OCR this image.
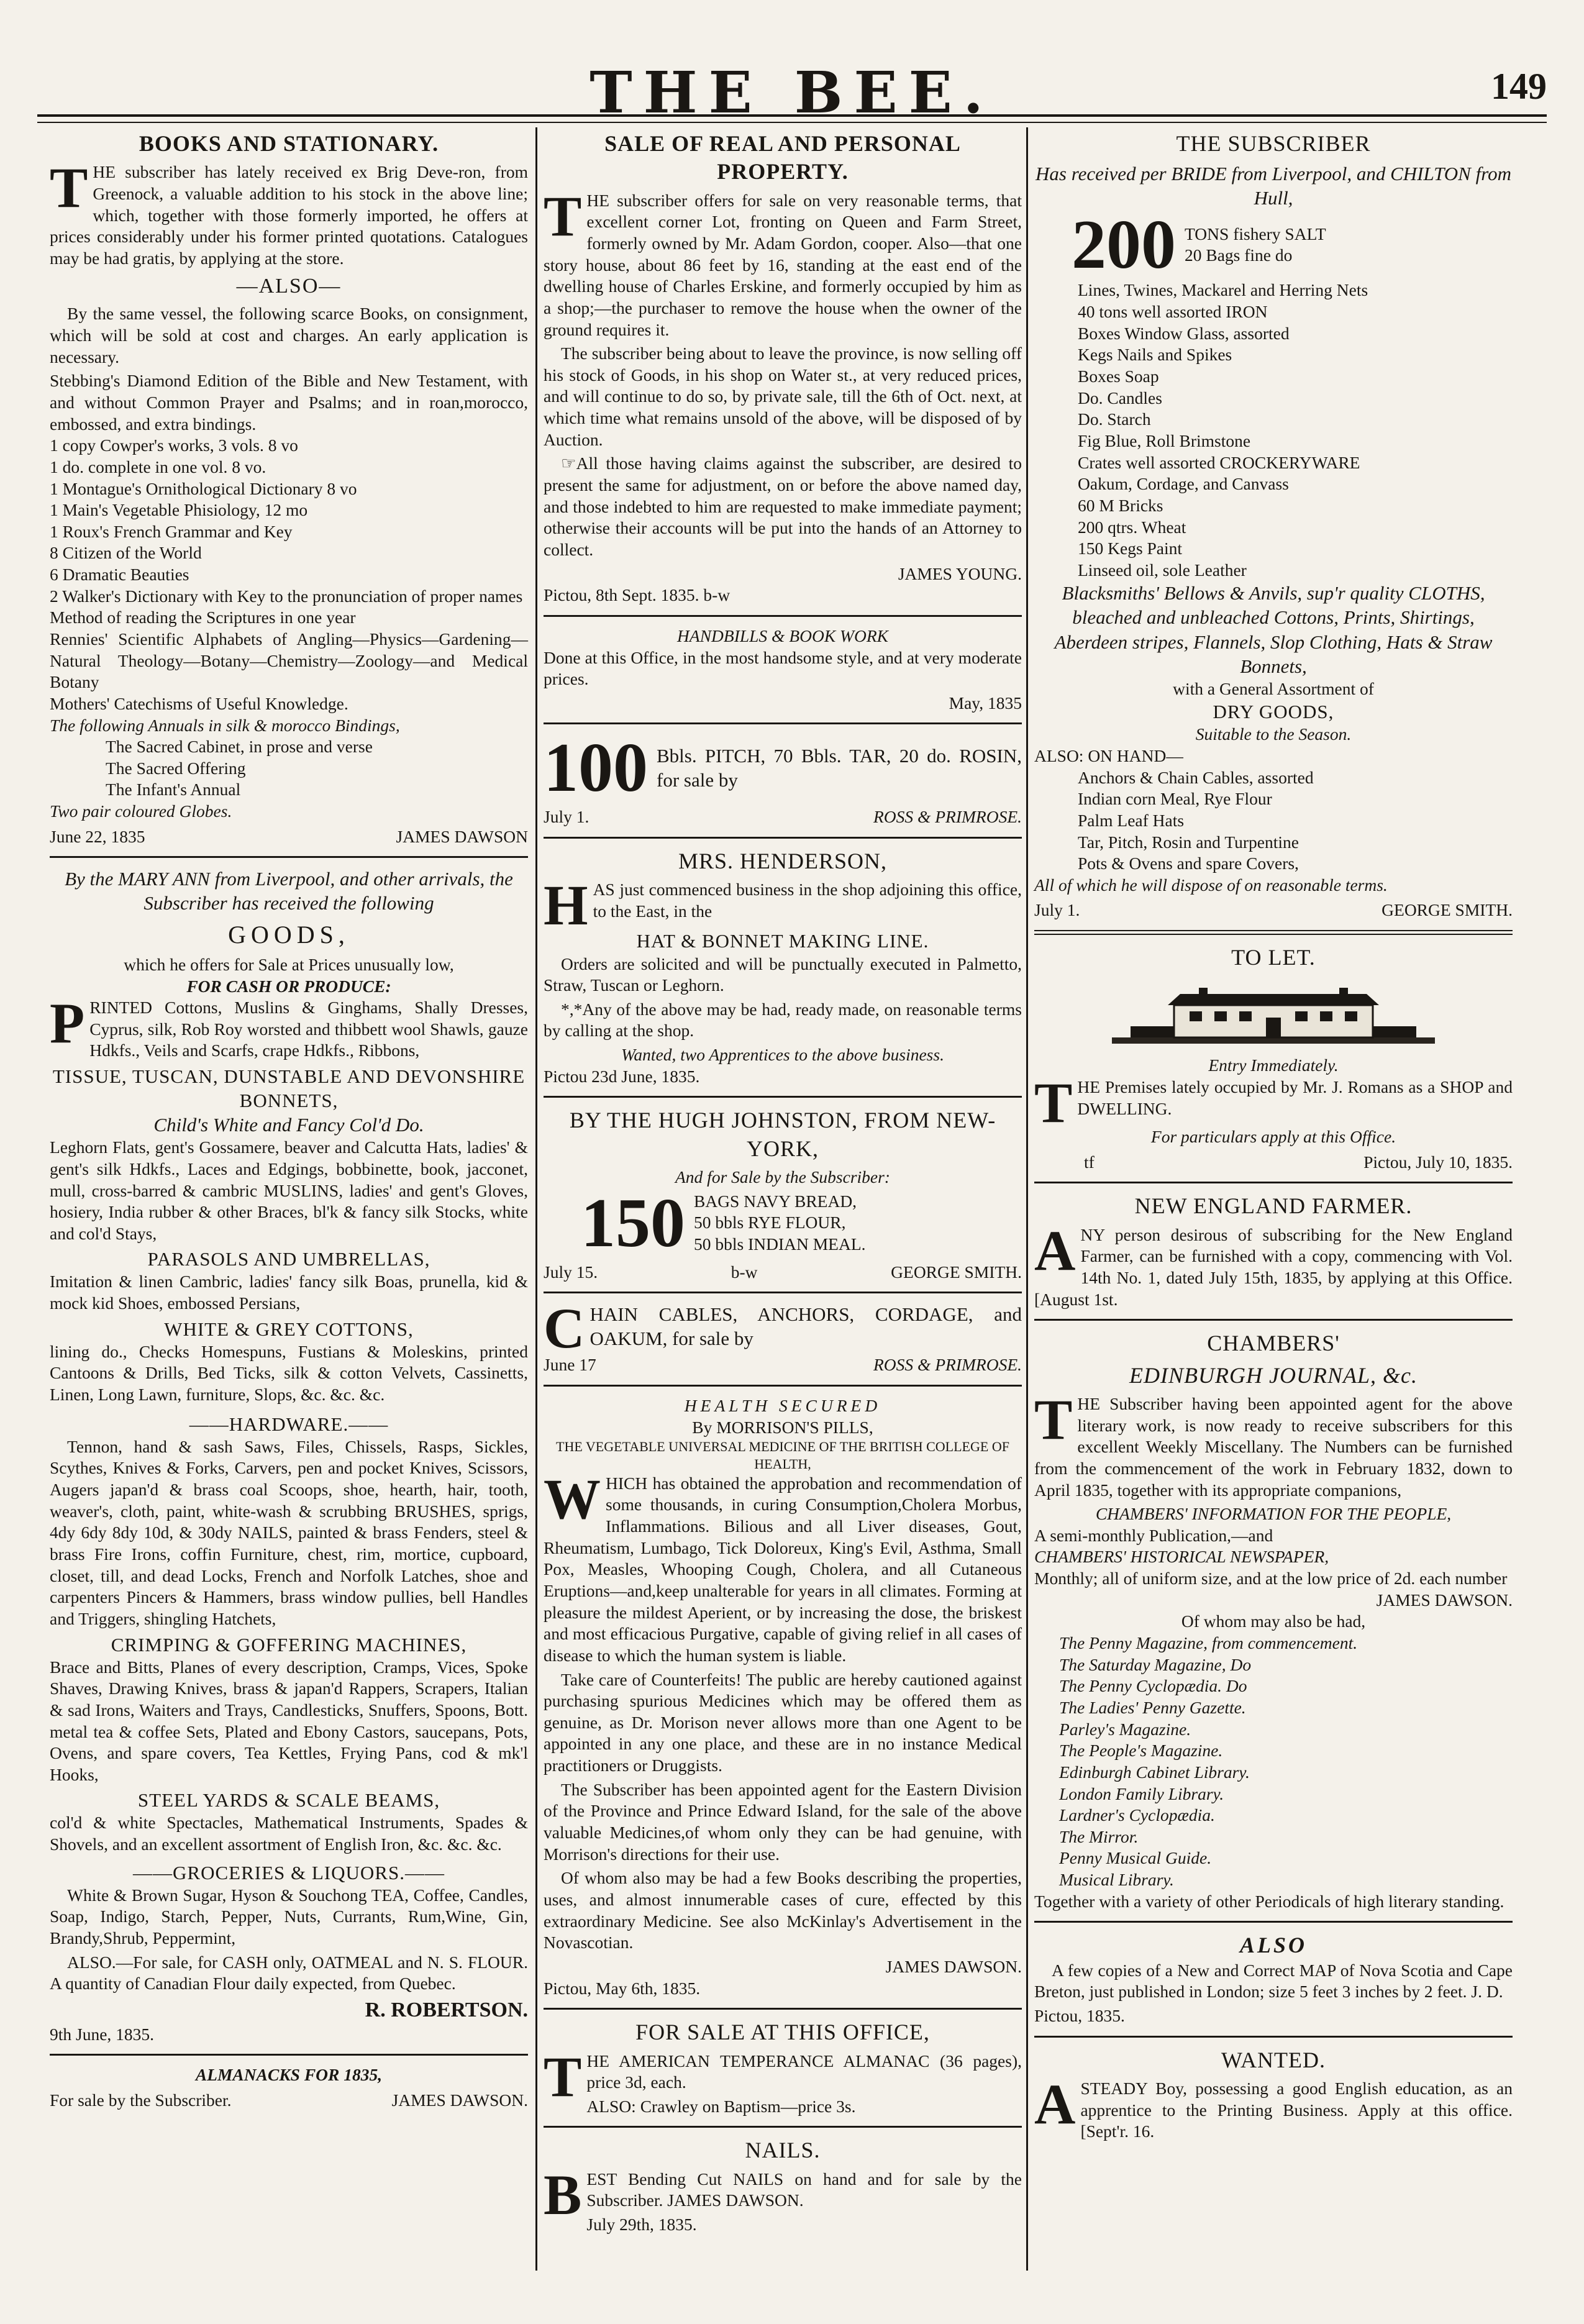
THE BEE.	149
BOOKS AND STATIONARY.
THE subscriber has lately received ex Brig Deve-ron, from Greenock, a valuable addition to his stock in the above line; which, together with those formerly imported, he offers at prices considerably under his former printed quotations. Catalogues may be had gratis, by applying at the store.
—ALSO—
By the same vessel, the following scarce Books, on consignment, which will be sold at cost and charges. An early application is necessary.
Stebbing's Diamond Edition of the Bible and New Testament, with and without Common Prayer and Psalms; and in roan,morocco, embossed, and extra bindings.
1 copy Cowper's works, 3 vols. 8 vo
1 do. complete in one vol. 8 vo.
1 Montague's Ornithological Dictionary 8 vo
1 Main's Vegetable Phisiology, 12 mo
1 Roux's French Grammar and Key
8 Citizen of the World
6 Dramatic Beauties
2 Walker's Dictionary with Key to the pronunciation of proper names
Method of reading the Scriptures in one year
Rennies' Scientific Alphabets of Angling—Physics—Gardening—Natural Theology—Botany—Chemistry—Zoology—and Medical Botany
Mothers' Catechisms of Useful Knowledge.
The following Annuals in silk & morocco Bindings,
The Sacred Cabinet, in prose and verse
The Sacred Offering
The Infant's Annual
Two pair coloured Globes.
June 22, 1835	JAMES DAWSON
By the MARY ANN from Liverpool, and other arrivals, the Subscriber has received the following
GOODS,
which he offers for Sale at Prices unusually low,
FOR CASH OR PRODUCE:
PRINTED Cottons, Muslins & Ginghams, Shally Dresses, Cyprus, silk, Rob Roy worsted and thibbett wool Shawls, gauze Hdkfs., Veils and Scarfs, crape Hdkfs., Ribbons,
TISSUE, TUSCAN, DUNSTABLE AND DEVONSHIRE BONNETS,
Child's White and Fancy Col'd Do.
Leghorn Flats, gent's Gossamere, beaver and Calcutta Hats, ladies' & gent's silk Hdkfs., Laces and Edgings, bobbinette, book, jacconet, mull, cross-barred & cambric MUSLINS, ladies' and gent's Gloves, hosiery, India rubber & other Braces, bl'k & fancy silk Stocks, white and col'd Stays,
PARASOLS AND UMBRELLAS,
Imitation & linen Cambric, ladies' fancy silk Boas, prunella, kid & mock kid Shoes, embossed Persians,
WHITE & GREY COTTONS,
lining do., Checks Homespuns, Fustians & Moleskins, printed Cantoons & Drills, Bed Ticks, silk & cotton Velvets, Cassinetts, Linen, Long Lawn, furniture, Slops, &c. &c. &c.
——HARDWARE.——
Tennon, hand & sash Saws, Files, Chissels, Rasps, Sickles, Scythes, Knives & Forks, Carvers, pen and pocket Knives, Scissors, Augers japan'd & brass coal Scoops, shoe, hearth, hair, tooth, weaver's, cloth, paint, white-wash & scrubbing BRUSHES, sprigs, 4dy 6dy 8dy 10d, & 30dy NAILS, painted & brass Fenders, steel & brass Fire Irons, coffin Furniture, chest, rim, mortice, cupboard, closet, till, and dead Locks, French and Norfolk Latches, shoe and carpenters Pincers & Hammers, brass window pullies, bell Handles and Triggers, shingling Hatchets,
CRIMPING & GOFFERING MACHINES,
Brace and Bitts, Planes of every description, Cramps, Vices, Spoke Shaves, Drawing Knives, brass & japan'd Rappers, Scrapers, Italian & sad Irons, Waiters and Trays, Candlesticks, Snuffers, Spoons, Bott. metal tea & coffee Sets, Plated and Ebony Castors, saucepans, Pots, Ovens, and spare covers, Tea Kettles, Frying Pans, cod & mk'l Hooks,
STEEL YARDS & SCALE BEAMS,
col'd & white Spectacles, Mathematical Instruments, Spades & Shovels, and an excellent assortment of English Iron, &c. &c. &c.
——GROCERIES & LIQUORS.——
White & Brown Sugar, Hyson & Souchong TEA, Coffee, Candles, Soap, Indigo, Starch, Pepper, Nuts, Currants, Rum,Wine, Gin, Brandy,Shrub, Peppermint,
ALSO.—For sale, for CASH only, OATMEAL and N. S. FLOUR. A quantity of Canadian Flour daily expected, from Quebec.
R. ROBERTSON.
9th June, 1835.
ALMANACKS FOR 1835,
For sale by the Subscriber.	JAMES DAWSON.
SALE OF REAL AND PERSONAL PROPERTY.
THE subscriber offers for sale on very reasonable terms, that excellent corner Lot, fronting on Queen and Farm Street, formerly owned by Mr. Adam Gordon, cooper. Also—that one story house, about 86 feet by 16, standing at the east end of the dwelling house of Charles Erskine, and formerly occupied by him as a shop;—the purchaser to remove the house when the owner of the ground requires it.
The subscriber being about to leave the province, is now selling off his stock of Goods, in his shop on Water st., at very reduced prices, and will continue to do so, by private sale, till the 6th of Oct. next, at which time what remains unsold of the above, will be disposed of by Auction.
☞All those having claims against the subscriber, are desired to present the same for adjustment, on or before the above named day, and those indebted to him are requested to make immediate payment; otherwise their accounts will be put into the hands of an Attorney to collect.
JAMES YOUNG.
Pictou, 8th Sept. 1835. b-w
HANDBILLS & BOOK WORK
Done at this Office, in the most handsome style, and at very moderate prices.
May, 1835
100 Bbls. PITCH, 70 Bbls. TAR, 20 do. ROSIN, for sale by
July 1.	ROSS & PRIMROSE.
MRS. HENDERSON,
HAS just commenced business in the shop adjoining this office, to the East, in the
HAT & BONNET MAKING LINE.
Orders are solicited and will be punctually executed in Palmetto, Straw, Tuscan or Leghorn.
*,*Any of the above may be had, ready made, on reasonable terms by calling at the shop.
Wanted, two Apprentices to the above business.
Pictou 23d June, 1835.
BY THE HUGH JOHNSTON, FROM NEW-YORK,
And for Sale by the Subscriber:
150 BAGS NAVY BREAD,
50 bbls RYE FLOUR,
50 bbls INDIAN MEAL.
July 15.	b-w	GEORGE SMITH.
CHAIN CABLES, ANCHORS, CORDAGE, and OAKUM, for sale by
June 17	ROSS & PRIMROSE.
HEALTH SECURED
By MORRISON'S PILLS,
THE VEGETABLE UNIVERSAL MEDICINE OF THE BRITISH COLLEGE OF HEALTH,
WHICH has obtained the approbation and recommendation of some thousands, in curing Consumption,Cholera Morbus, Inflammations. Bilious and all Liver diseases, Gout, Rheumatism, Lumbago, Tick Doloreux, King's Evil, Asthma, Small Pox, Measles, Whooping Cough, Cholera, and all Cutaneous Eruptions—and,keep unalterable for years in all climates. Forming at pleasure the mildest Aperient, or by increasing the dose, the briskest and most efficacious Purgative, capable of giving relief in all cases of disease to which the human system is liable.
Take care of Counterfeits! The public are hereby cautioned against purchasing spurious Medicines which may be offered them as genuine, as Dr. Morison never allows more than one Agent to be appointed in any one place, and these are in no instance Medical practitioners or Druggists.
The Subscriber has been appointed agent for the Eastern Division of the Province and Prince Edward Island, for the sale of the above valuable Medicines,of whom only they can be had genuine, with Morrison's directions for their use.
Of whom also may be had a few Books describing the properties, uses, and almost innumerable cases of cure, effected by this extraordinary Medicine. See also McKinlay's Advertisement in the Novascotian.
JAMES DAWSON.
Pictou, May 6th, 1835.
FOR SALE AT THIS OFFICE,
THE AMERICAN TEMPERANCE ALMANAC (36 pages), price 3d, each.
ALSO: Crawley on Baptism—price 3s.
NAILS.
BEST Bending Cut NAILS on hand and for sale by the Subscriber. JAMES DAWSON.
July 29th, 1835.
THE SUBSCRIBER
Has received per BRIDE from Liverpool, and CHILTON from Hull,
200 TONS fishery SALT
20 Bags fine do
Lines, Twines, Mackarel and Herring Nets
40 tons well assorted IRON
Boxes Window Glass, assorted
Kegs Nails and Spikes
Boxes Soap
Do. Candles
Do. Starch
Fig Blue, Roll Brimstone
Crates well assorted CROCKERYWARE
Oakum, Cordage, and Canvass
60 M Bricks
200 qtrs. Wheat
150 Kegs Paint
Linseed oil, sole Leather
Blacksmiths' Bellows & Anvils, sup'r quality CLOTHS, bleached and unbleached Cottons, Prints, Shirtings, Aberdeen stripes, Flannels, Slop Clothing, Hats & Straw Bonnets,
with a General Assortment of
DRY GOODS,
Suitable to the Season.
ALSO: ON HAND—
Anchors & Chain Cables, assorted
Indian corn Meal, Rye Flour
Palm Leaf Hats
Tar, Pitch, Rosin and Turpentine
Pots & Ovens and spare Covers,
All of which he will dispose of on reasonable terms.
July 1.	GEORGE SMITH.
TO LET.
Entry Immediately.
THE Premises lately occupied by Mr. J. Romans as a SHOP and DWELLING.
For particulars apply at this Office.
tf	Pictou, July 10, 1835.
NEW ENGLAND FARMER.
ANY person desirous of subscribing for the New England Farmer, can be furnished with a copy, commencing with Vol. 14th No. 1, dated July 15th, 1835, by applying at this Office. [August 1st.
CHAMBERS'
EDINBURGH JOURNAL, &c.
THE Subscriber having been appointed agent for the above literary work, is now ready to receive subscribers for this excellent Weekly Miscellany. The Numbers can be furnished from the commencement of the work in February 1832, down to April 1835, together with its appropriate companions,
CHAMBERS' INFORMATION FOR THE PEOPLE,
A semi-monthly Publication,—and
CHAMBERS' HISTORICAL NEWSPAPER,
Monthly; all of uniform size, and at the low price of 2d. each number
JAMES DAWSON.
Of whom may also be had,
The Penny Magazine, from commencement.
The Saturday Magazine, Do
The Penny Cyclopædia. Do
The Ladies' Penny Gazette.
Parley's Magazine.
The People's Magazine.
Edinburgh Cabinet Library.
London Family Library.
Lardner's Cyclopædia.
The Mirror.
Penny Musical Guide.
Musical Library.
Together with a variety of other Periodicals of high literary standing.
ALSO
A few copies of a New and Correct MAP of Nova Scotia and Cape Breton, just published in London; size 5 feet 3 inches by 2 feet. J. D.
Pictou, 1835.
WANTED.
ASTEADY Boy, possessing a good English education, as an apprentice to the Printing Business. Apply at this office. [Sept'r. 16.
